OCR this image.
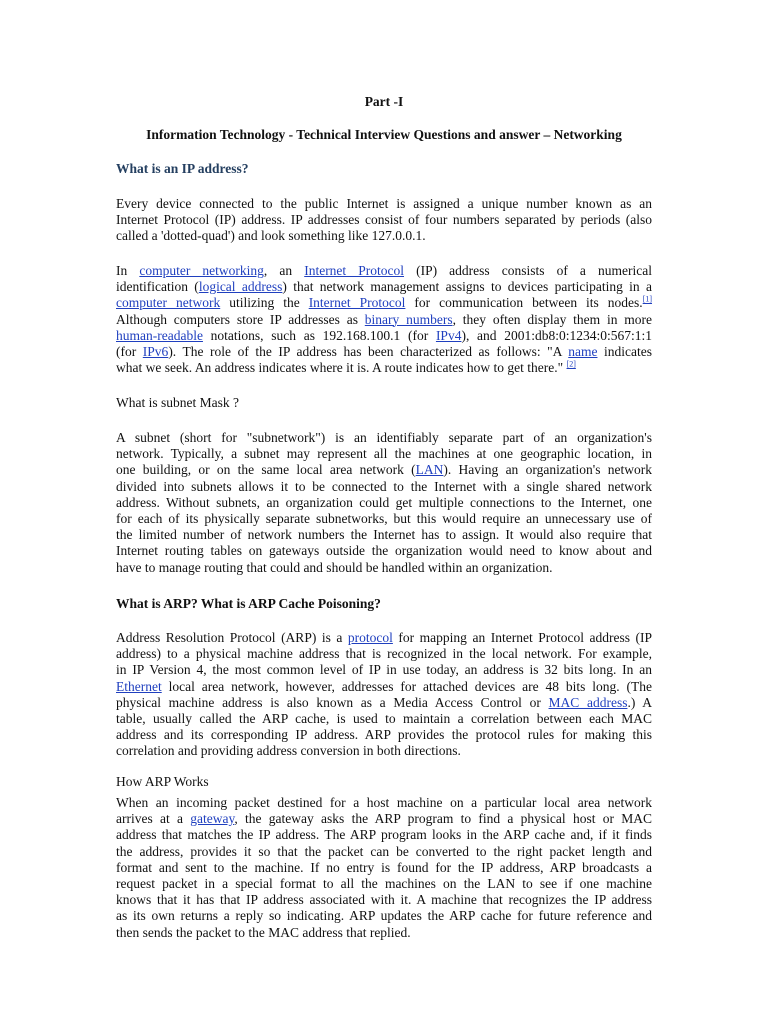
Part -I
Information Technology - Technical Interview Questions and answer – Networking
What is an IP address?
Every device connected to the public Internet is assigned a unique number known as an
Internet Protocol (IP) address. IP addresses consist of four numbers separated by periods (also
called a 'dotted-quad') and look something like 127.0.0.1.
In computer networking, an Internet Protocol (IP) address consists of a numerical
identification (logical address) that network management assigns to devices participating in a
computer network utilizing the Internet Protocol for communication between its nodes.[1]
Although computers store IP addresses as binary numbers, they often display them in more
human-readable notations, such as 192.168.100.1 (for IPv4), and 2001:db8:0:1234:0:567:1:1
(for IPv6). The role of the IP address has been characterized as follows: "A name indicates
what we seek. An address indicates where it is. A route indicates how to get there." [2]
What is subnet Mask ?
A subnet (short for "subnetwork") is an identifiably separate part of an organization's
network. Typically, a subnet may represent all the machines at one geographic location, in
one building, or on the same local area network (LAN). Having an organization's network
divided into subnets allows it to be connected to the Internet with a single shared network
address. Without subnets, an organization could get multiple connections to the Internet, one
for each of its physically separate subnetworks, but this would require an unnecessary use of
the limited number of network numbers the Internet has to assign. It would also require that
Internet routing tables on gateways outside the organization would need to know about and
have to manage routing that could and should be handled within an organization.
What is ARP? What is ARP Cache Poisoning?
Address Resolution Protocol (ARP) is a protocol for mapping an Internet Protocol address (IP
address) to a physical machine address that is recognized in the local network. For example,
in IP Version 4, the most common level of IP in use today, an address is 32 bits long. In an
Ethernet local area network, however, addresses for attached devices are 48 bits long. (The
physical machine address is also known as a Media Access Control or MAC address.) A
table, usually called the ARP cache, is used to maintain a correlation between each MAC
address and its corresponding IP address. ARP provides the protocol rules for making this
correlation and providing address conversion in both directions.
How ARP Works
When an incoming packet destined for a host machine on a particular local area network
arrives at a gateway, the gateway asks the ARP program to find a physical host or MAC
address that matches the IP address. The ARP program looks in the ARP cache and, if it finds
the address, provides it so that the packet can be converted to the right packet length and
format and sent to the machine. If no entry is found for the IP address, ARP broadcasts a
request packet in a special format to all the machines on the LAN to see if one machine
knows that it has that IP address associated with it. A machine that recognizes the IP address
as its own returns a reply so indicating. ARP updates the ARP cache for future reference and
then sends the packet to the MAC address that replied.
